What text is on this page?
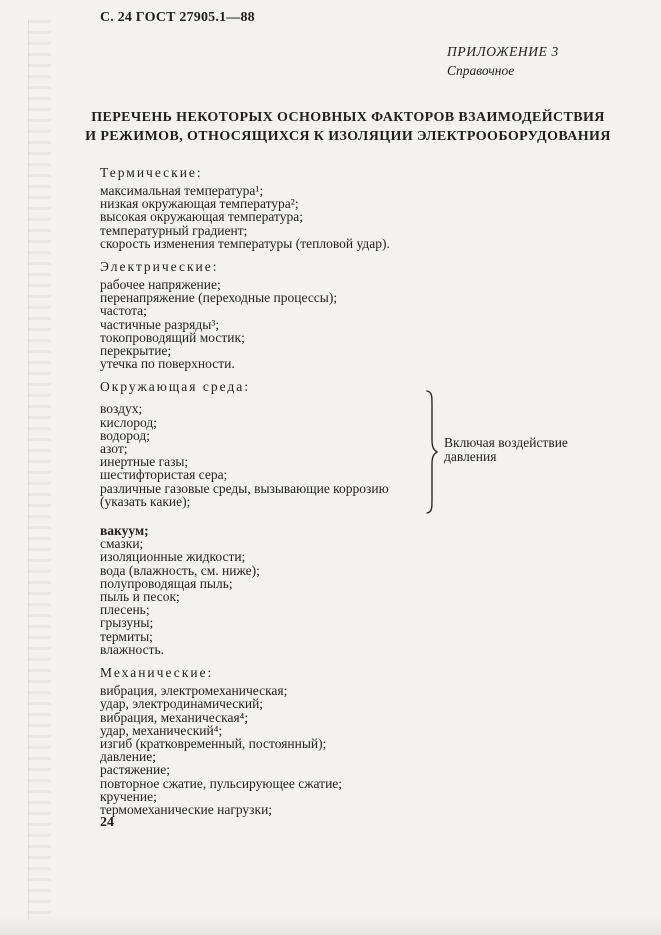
С. 24 ГОСТ 27905.1—88
ПРИЛОЖЕНИЕ 3
Справочное
ПЕРЕЧЕНЬ НЕКОТОРЫХ ОСНОВНЫХ ФАКТОРОВ ВЗАИМОДЕЙСТВИЯ
И РЕЖИМОВ, ОТНОСЯЩИХСЯ К ИЗОЛЯЦИИ ЭЛЕКТРООБОРУДОВАНИЯ
Термические:
максимальная температура¹;
низкая окружающая температура²;
высокая окружающая температура;
температурный градиент;
скорость изменения температуры (тепловой удар).
Электрические:
рабочее напряжение;
перенапряжение (переходные процессы);
частота;
частичные разряды³;
токопроводящий мостик;
перекрытие;
утечка по поверхности.
Окружающая среда:
воздух;
кислород;
водород;
азот;
инертные газы;
шестифтористая сера;
различные газовые среды, вызывающие коррозию
(указать какие);
Включая воздействие давления
вакуум;
смазки;
изоляционные жидкости;
вода (влажность, см. ниже);
полупроводящая пыль;
пыль и песок;
плесень;
грызуны;
термиты;
влажность.
Механические:
вибрация, электромеханическая;
удар, электродинамический;
вибрация, механическая⁴;
удар, механический⁴;
изгиб (кратковременный, постоянный);
давление;
растяжение;
повторное сжатие, пульсирующее сжатие;
кручение;
термомеханические нагрузки;
24
